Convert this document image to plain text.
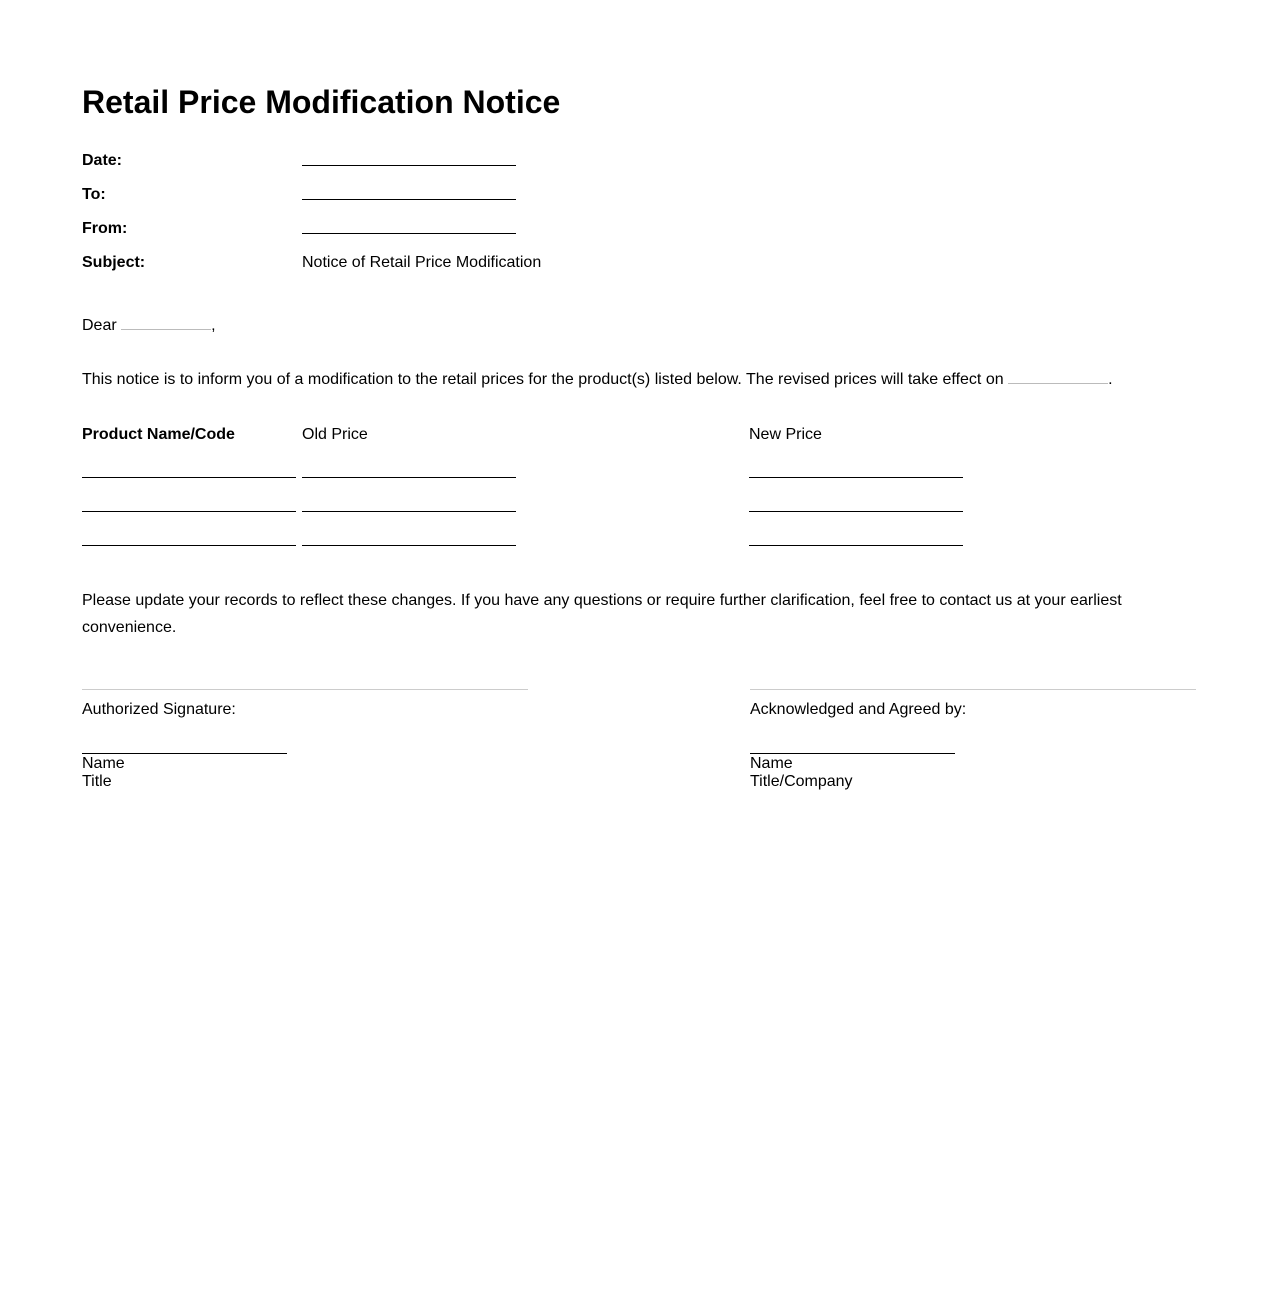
Retail Price Modification Notice
Date:
To:
From:
Subject:	Notice of Retail Price Modification
Dear	,
This notice is to inform you of a modification to the retail prices for the product(s) listed below. The revised prices will take effect on	.
Product Name/Code	Old Price	New Price

Please update your records to reflect these changes. If you have any questions or require further clarification, feel free to contact us at your earliest convenience.

Authorized Signature:
Name
Title
Acknowledged and Agreed by:
Name
Title/Company
